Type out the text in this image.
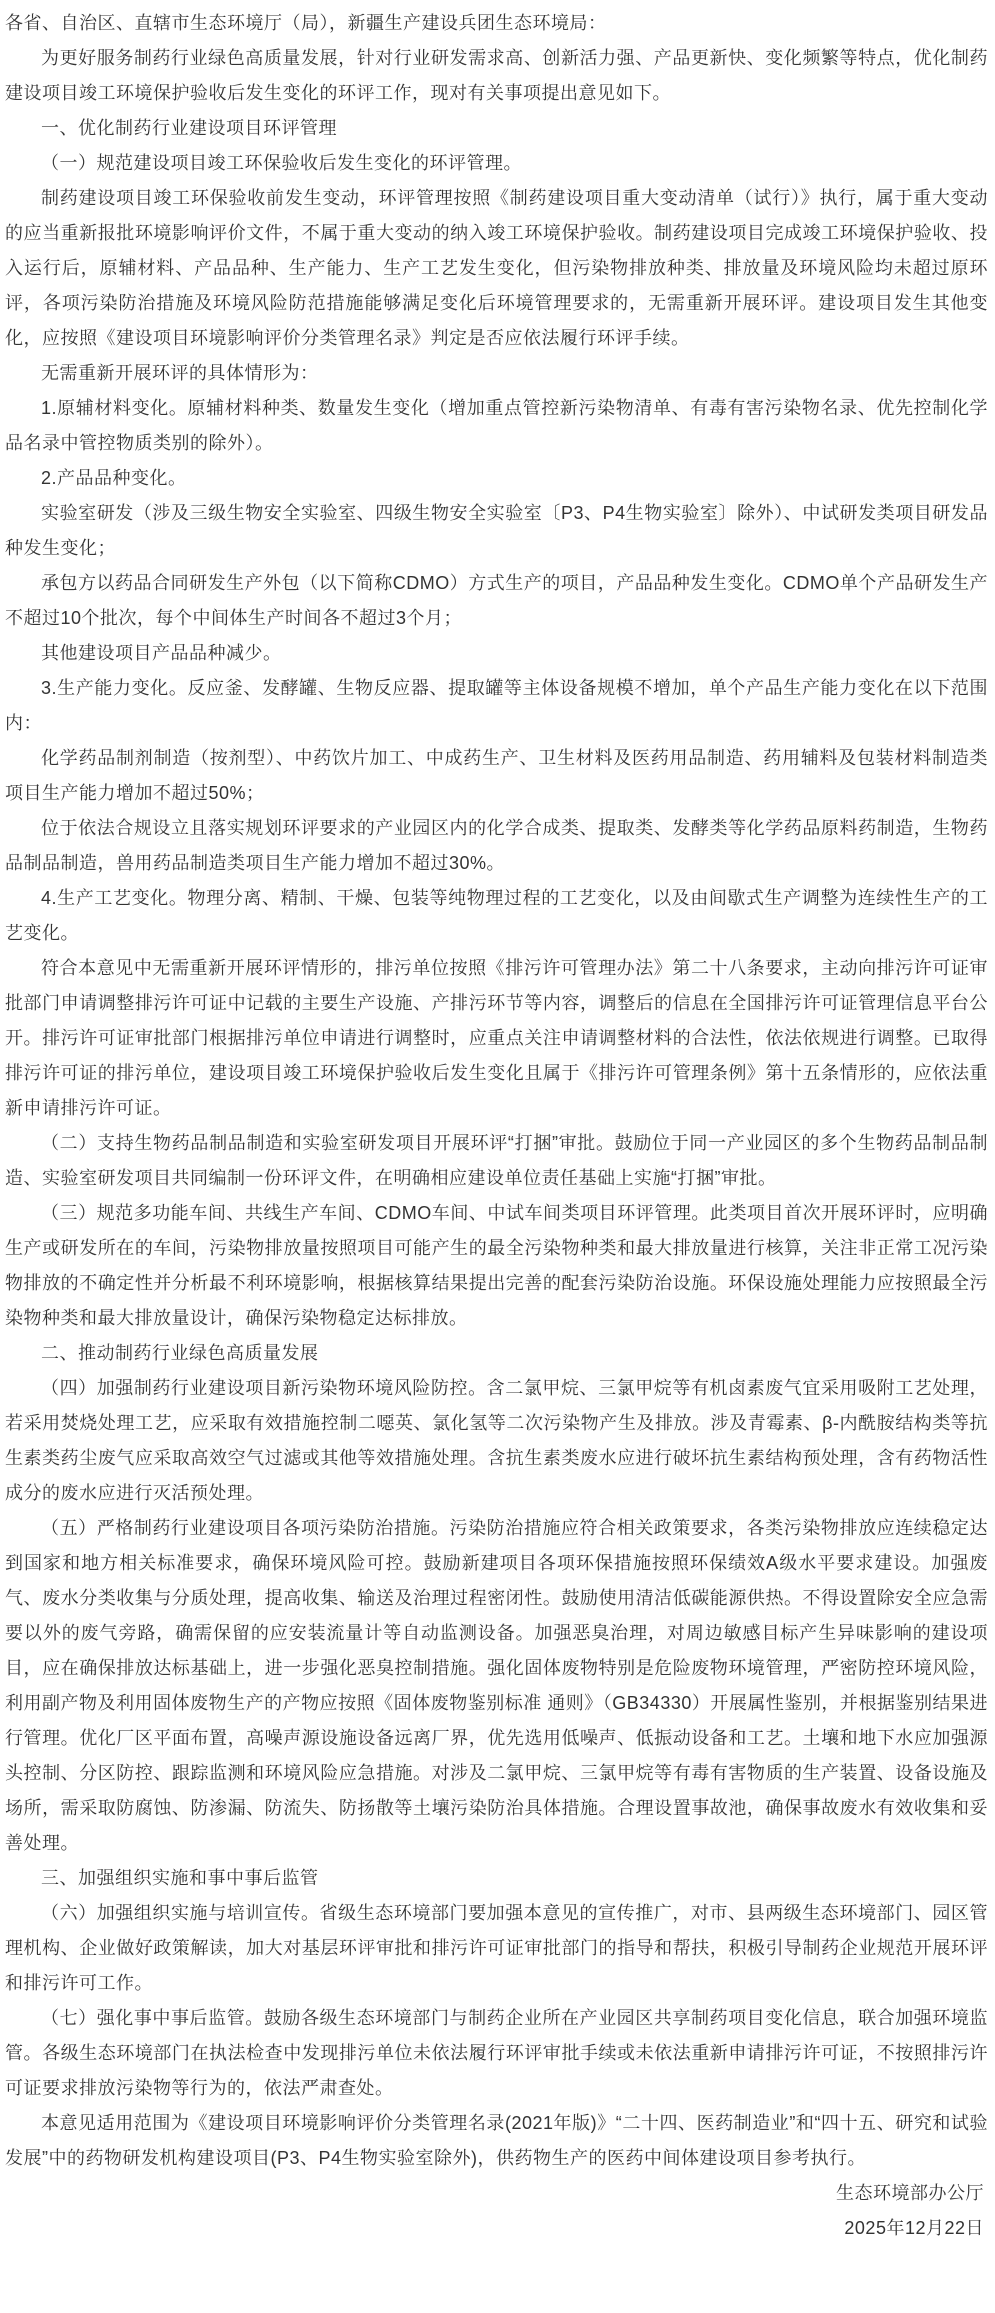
各省、自治区、直辖市生态环境厅（局），新疆生产建设兵团生态环境局：

为更好服务制药行业绿色高质量发展，针对行业研发需求高、创新活力强、产品更新快、变化频繁等特点，优化制药建设项目竣工环境保护验收后发生变化的环评工作，现对有关事项提出意见如下。

一、优化制药行业建设项目环评管理

（一）规范建设项目竣工环保验收后发生变化的环评管理。

制药建设项目竣工环保验收前发生变动，环评管理按照《制药建设项目重大变动清单（试行）》执行，属于重大变动的应当重新报批环境影响评价文件，不属于重大变动的纳入竣工环境保护验收。制药建设项目完成竣工环境保护验收、投入运行后，原辅材料、产品品种、生产能力、生产工艺发生变化，但污染物排放种类、排放量及环境风险均未超过原环评，各项污染防治措施及环境风险防范措施能够满足变化后环境管理要求的，无需重新开展环评。建设项目发生其他变化，应按照《建设项目环境影响评价分类管理名录》判定是否应依法履行环评手续。

无需重新开展环评的具体情形为：

1.原辅材料变化。原辅材料种类、数量发生变化（增加重点管控新污染物清单、有毒有害污染物名录、优先控制化学品名录中管控物质类别的除外）。

2.产品品种变化。

实验室研发（涉及三级生物安全实验室、四级生物安全实验室〔P3、P4生物实验室〕除外）、中试研发类项目研发品种发生变化；

承包方以药品合同研发生产外包（以下简称CDMO）方式生产的项目，产品品种发生变化。CDMO单个产品研发生产不超过10个批次，每个中间体生产时间各不超过3个月；

其他建设项目产品品种减少。

3.生产能力变化。反应釜、发酵罐、生物反应器、提取罐等主体设备规模不增加，单个产品生产能力变化在以下范围内：

化学药品制剂制造（按剂型）、中药饮片加工、中成药生产、卫生材料及医药用品制造、药用辅料及包装材料制造类项目生产能力增加不超过50%；

位于依法合规设立且落实规划环评要求的产业园区内的化学合成类、提取类、发酵类等化学药品原料药制造，生物药品制品制造，兽用药品制造类项目生产能力增加不超过30%。

4.生产工艺变化。物理分离、精制、干燥、包装等纯物理过程的工艺变化，以及由间歇式生产调整为连续性生产的工艺变化。

符合本意见中无需重新开展环评情形的，排污单位按照《排污许可管理办法》第二十八条要求，主动向排污许可证审批部门申请调整排污许可证中记载的主要生产设施、产排污环节等内容，调整后的信息在全国排污许可证管理信息平台公开。排污许可证审批部门根据排污单位申请进行调整时，应重点关注申请调整材料的合法性，依法依规进行调整。已取得排污许可证的排污单位，建设项目竣工环境保护验收后发生变化且属于《排污许可管理条例》第十五条情形的，应依法重新申请排污许可证。

（二）支持生物药品制品制造和实验室研发项目开展环评“打捆”审批。鼓励位于同一产业园区的多个生物药品制品制造、实验室研发项目共同编制一份环评文件，在明确相应建设单位责任基础上实施“打捆”审批。

（三）规范多功能车间、共线生产车间、CDMO车间、中试车间类项目环评管理。此类项目首次开展环评时，应明确生产或研发所在的车间，污染物排放量按照项目可能产生的最全污染物种类和最大排放量进行核算，关注非正常工况污染物排放的不确定性并分析最不利环境影响，根据核算结果提出完善的配套污染防治设施。环保设施处理能力应按照最全污染物种类和最大排放量设计，确保污染物稳定达标排放。

二、推动制药行业绿色高质量发展

（四）加强制药行业建设项目新污染物环境风险防控。含二氯甲烷、三氯甲烷等有机卤素废气宜采用吸附工艺处理，若采用焚烧处理工艺，应采取有效措施控制二噁英、氯化氢等二次污染物产生及排放。涉及青霉素、β-内酰胺结构类等抗生素类药尘废气应采取高效空气过滤或其他等效措施处理。含抗生素类废水应进行破坏抗生素结构预处理，含有药物活性成分的废水应进行灭活预处理。

（五）严格制药行业建设项目各项污染防治措施。污染防治措施应符合相关政策要求，各类污染物排放应连续稳定达到国家和地方相关标准要求，确保环境风险可控。鼓励新建项目各项环保措施按照环保绩效A级水平要求建设。加强废气、废水分类收集与分质处理，提高收集、输送及治理过程密闭性。鼓励使用清洁低碳能源供热。不得设置除安全应急需要以外的废气旁路，确需保留的应安装流量计等自动监测设备。加强恶臭治理，对周边敏感目标产生异味影响的建设项目，应在确保排放达标基础上，进一步强化恶臭控制措施。强化固体废物特别是危险废物环境管理，严密防控环境风险，利用副产物及利用固体废物生产的产物应按照《固体废物鉴别标准 通则》（GB34330）开展属性鉴别，并根据鉴别结果进行管理。优化厂区平面布置，高噪声源设施设备远离厂界，优先选用低噪声、低振动设备和工艺。土壤和地下水应加强源头控制、分区防控、跟踪监测和环境风险应急措施。对涉及二氯甲烷、三氯甲烷等有毒有害物质的生产装置、设备设施及场所，需采取防腐蚀、防渗漏、防流失、防扬散等土壤污染防治具体措施。合理设置事故池，确保事故废水有效收集和妥善处理。

三、加强组织实施和事中事后监管

（六）加强组织实施与培训宣传。省级生态环境部门要加强本意见的宣传推广，对市、县两级生态环境部门、园区管理机构、企业做好政策解读，加大对基层环评审批和排污许可证审批部门的指导和帮扶，积极引导制药企业规范开展环评和排污许可工作。

（七）强化事中事后监管。鼓励各级生态环境部门与制药企业所在产业园区共享制药项目变化信息，联合加强环境监管。各级生态环境部门在执法检查中发现排污单位未依法履行环评审批手续或未依法重新申请排污许可证，不按照排污许可证要求排放污染物等行为的，依法严肃查处。

本意见适用范围为《建设项目环境影响评价分类管理名录(2021年版)》“二十四、医药制造业”和“四十五、研究和试验发展”中的药物研发机构建设项目(P3、P4生物实验室除外)，供药物生产的医药中间体建设项目参考执行。

生态环境部办公厅

2025年12月22日
